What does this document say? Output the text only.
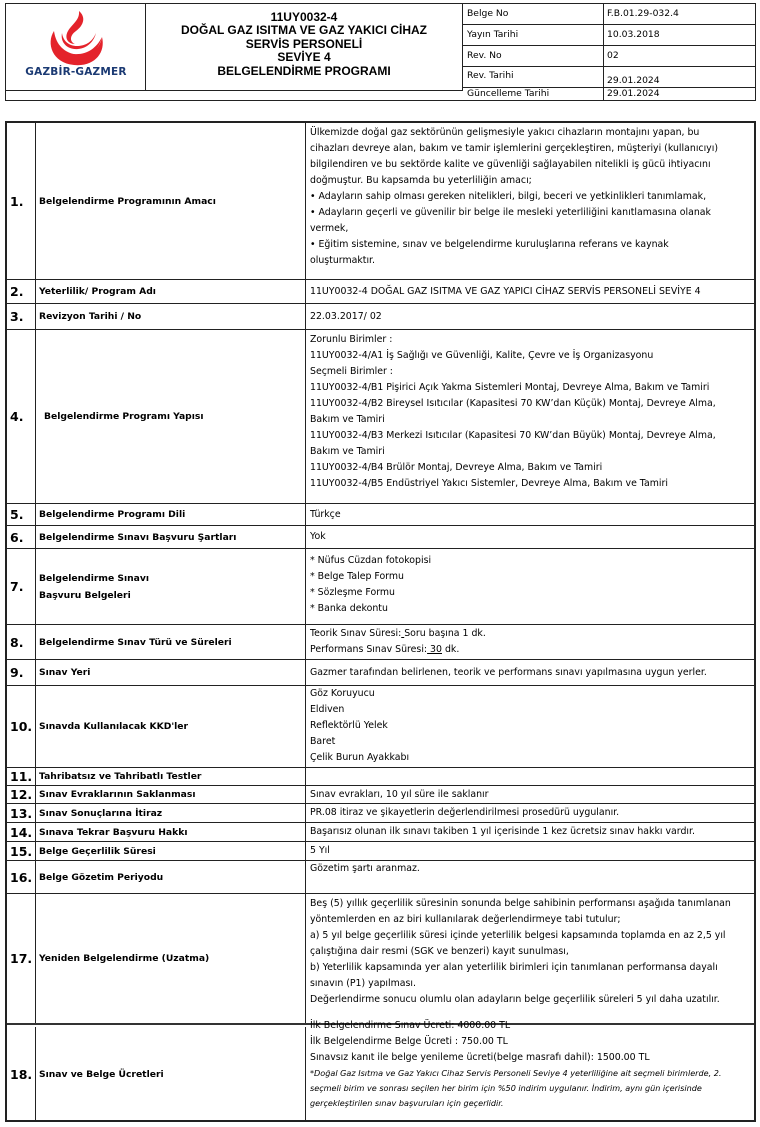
GAZBİR-GAZMER
11UY0032-4
DOĞAL GAZ ISITMA VE GAZ YAKICI CİHAZ
SERVİS PERSONELİ
SEVİYE 4
BELGELENDİRME PROGRAMI
Belge No	F.B.01.29-032.4
Yayın Tarihi	10.03.2018
Rev. No	02
Rev. Tarihi	29.01.2024
Güncelleme Tarihi	29.01.2024
1.	Belgelendirme Programının Amacı
Ülkemizde doğal gaz sektörünün gelişmesiyle yakıcı cihazların montajını yapan, bu
cihazları devreye alan, bakım ve tamir işlemlerini gerçekleştiren, müşteriyi (kullanıcıyı)
bilgilendiren ve bu sektörde kalite ve güvenliği sağlayabilen nitelikli iş gücü ihtiyacını
doğmuştur. Bu kapsamda bu yeterliliğin amacı;
• Adayların sahip olması gereken nitelikleri, bilgi, beceri ve yetkinlikleri tanımlamak,
• Adayların geçerli ve güvenilir bir belge ile mesleki yeterliliğini kanıtlamasına olanak
vermek,
• Eğitim sistemine, sınav ve belgelendirme kuruluşlarına referans ve kaynak
oluşturmaktır.
2.	Yeterlilik/ Program Adı	11UY0032-4 DOĞAL GAZ ISITMA VE GAZ YAPICI CİHAZ SERVİS PERSONELİ SEVİYE 4
3.	Revizyon Tarihi / No	22.03.2017/ 02
4.	Belgelendirme Programı Yapısı
Zorunlu Birimler :
11UY0032-4/A1 İş Sağlığı ve Güvenliği, Kalite, Çevre ve İş Organizasyonu
Seçmeli Birimler :
11UY0032-4/B1 Pişirici Açık Yakma Sistemleri Montaj, Devreye Alma, Bakım ve Tamiri
11UY0032-4/B2 Bireysel Isıtıcılar (Kapasitesi 70 KW’dan Küçük) Montaj, Devreye Alma,
Bakım ve Tamiri
11UY0032-4/B3 Merkezi Isıtıcılar (Kapasitesi 70 KW’dan Büyük) Montaj, Devreye Alma,
Bakım ve Tamiri
11UY0032-4/B4 Brülör Montaj, Devreye Alma, Bakım ve Tamiri
11UY0032-4/B5 Endüstriyel Yakıcı Sistemler, Devreye Alma, Bakım ve Tamiri
5.	Belgelendirme Programı Dili	Türkçe
6.	Belgelendirme Sınavı Başvuru Şartları	Yok
7.
Belgelendirme Sınavı
Başvuru Belgeleri
* Nüfus Cüzdan fotokopisi
* Belge Talep Formu
* Sözleşme Formu
* Banka dekontu
8.	Belgelendirme Sınav Türü ve Süreleri
Teorik Sınav Süresi: Soru başına 1 dk.
Performans Sınav Süresi: 30 dk.
9.	Sınav Yeri	Gazmer tarafından belirlenen, teorik ve performans sınavı yapılmasına uygun yerler.
10. Sınavda Kullanılacak KKD'ler
Göz Koruyucu
Eldiven
Reflektörlü Yelek
Baret
Çelik Burun Ayakkabı
11. Tahribatsız ve Tahribatlı Testler
12. Sınav Evraklarının Saklanması	Sınav evrakları, 10 yıl süre ile saklanır
13. Sınav Sonuçlarına İtiraz	PR.08 itiraz ve şikayetlerin değerlendirilmesi prosedürü uygulanır.
14. Sınava Tekrar Başvuru Hakkı	Başarısız olunan ilk sınavı takiben 1 yıl içerisinde 1 kez ücretsiz sınav hakkı vardır.
15. Belge Geçerlilik Süresi	5 Yıl
16. Belge Gözetim Periyodu
Gözetim şartı aranmaz.
17. Yeniden Belgelendirme (Uzatma)
Beş (5) yıllık geçerlilik süresinin sonunda belge sahibinin performansı aşağıda tanımlanan
yöntemlerden en az biri kullanılarak değerlendirmeye tabi tutulur;
a) 5 yıl belge geçerlilik süresi içinde yeterlilik belgesi kapsamında toplamda en az 2,5 yıl
çalıştığına dair resmi (SGK ve benzeri) kayıt sunulması,
b) Yeterlilik kapsamında yer alan yeterlilik birimleri için tanımlanan performansa dayalı
sınavın (P1) yapılması.
Değerlendirme sonucu olumlu olan adayların belge geçerlilik süreleri 5 yıl daha uzatılır.
18. Sınav ve Belge Ücretleri
İlk Belgelendirme Sınav Ücreti: 4000.00 TL
İlk Belgelendirme Belge Ücreti : 750.00 TL
Sınavsız kanıt ile belge yenileme ücreti(belge masrafı dahil): 1500.00 TL
*Doğal Gaz Isıtma ve Gaz Yakıcı Cihaz Servis Personeli Seviye 4 yeterliliğine ait seçmeli birimlerde, 2.
seçmeli birim ve sonrası seçilen her birim için %50 indirim uygulanır. İndirim, aynı gün içerisinde
gerçekleştirilen sınav başvuruları için geçerlidir.
